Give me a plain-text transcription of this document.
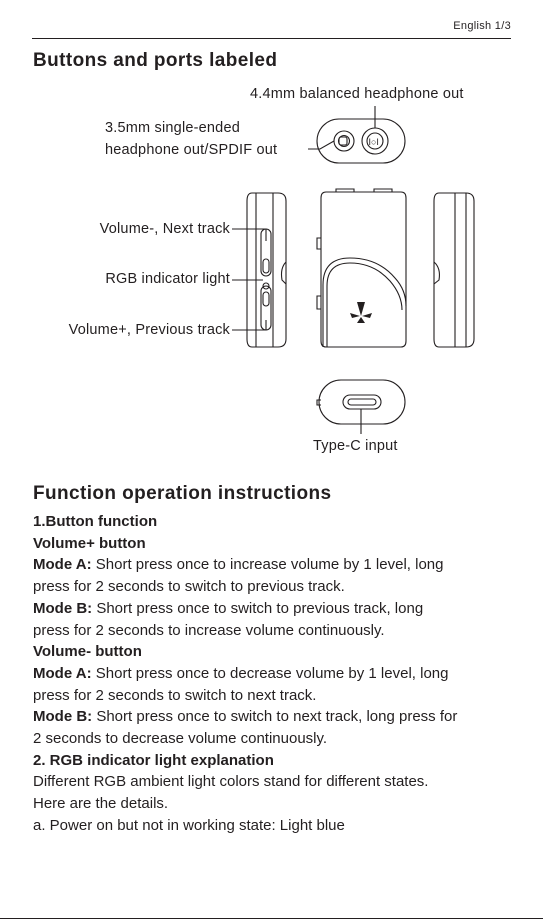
English 1/3
Buttons and ports labeled
I○I
4.4mm balanced headphone out
3.5mm single-ended
headphone out/SPDIF out
Volume-, Next track
RGB indicator light
Volume+, Previous track
Type-C input
Function operation instructions
1.Button function
Volume+ button
Mode A: Short press once to increase volume by 1 level, long
press for 2 seconds to switch to previous track.
Mode B: Short press once to switch to previous track, long
press for 2 seconds to increase volume continuously.
Volume- button
Mode A: Short press once to decrease volume by 1 level, long
press for 2 seconds to switch to next track.
Mode B: Short press once to switch to next track, long press for
2 seconds to decrease volume continuously.
2. RGB indicator light explanation
Different RGB ambient light colors stand for different states.
Here are the details.
a. Power on but not in working state: Light blue
